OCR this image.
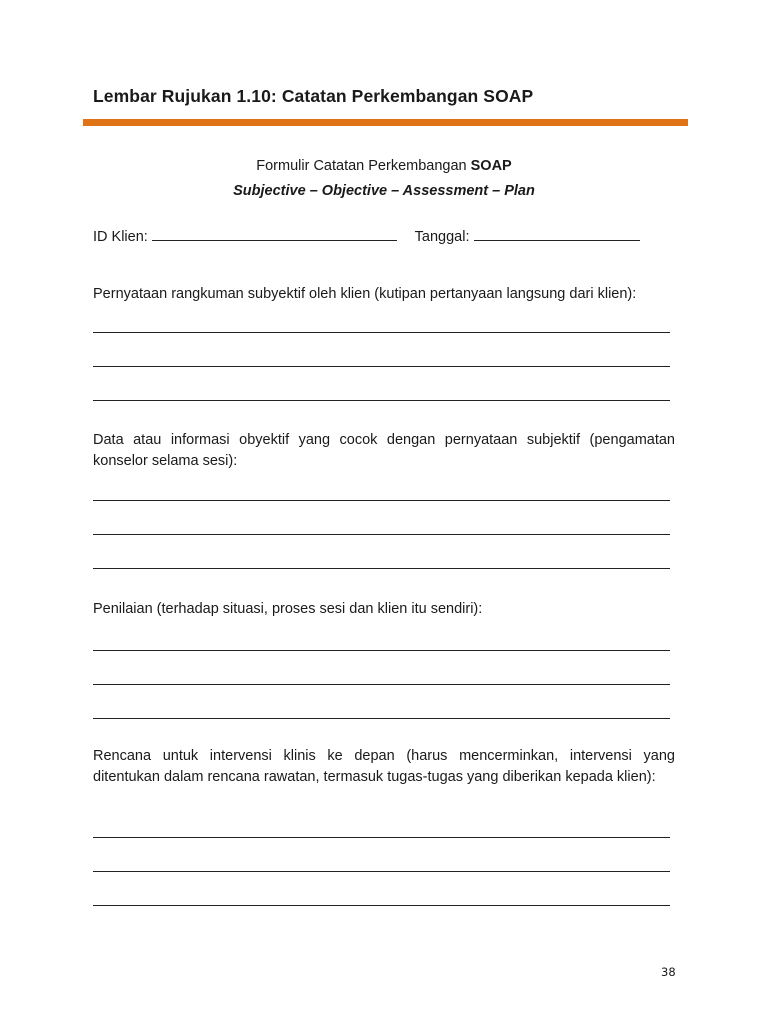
Lembar Rujukan 1.10: Catatan Perkembangan SOAP
Formulir Catatan Perkembangan SOAP
Subjective – Objective – Assessment – Plan
ID Klien:	Tanggal:
Pernyataan rangkuman subyektif oleh klien (kutipan pertanyaan langsung dari klien):
Data atau informasi obyektif yang cocok dengan pernyataan subjektif (pengamatan konselor selama sesi):
Penilaian (terhadap situasi, proses sesi dan klien itu sendiri):
Rencana untuk intervensi klinis ke depan (harus mencerminkan, intervensi yang ditentukan dalam rencana rawatan, termasuk tugas-tugas yang diberikan kepada klien):
38
